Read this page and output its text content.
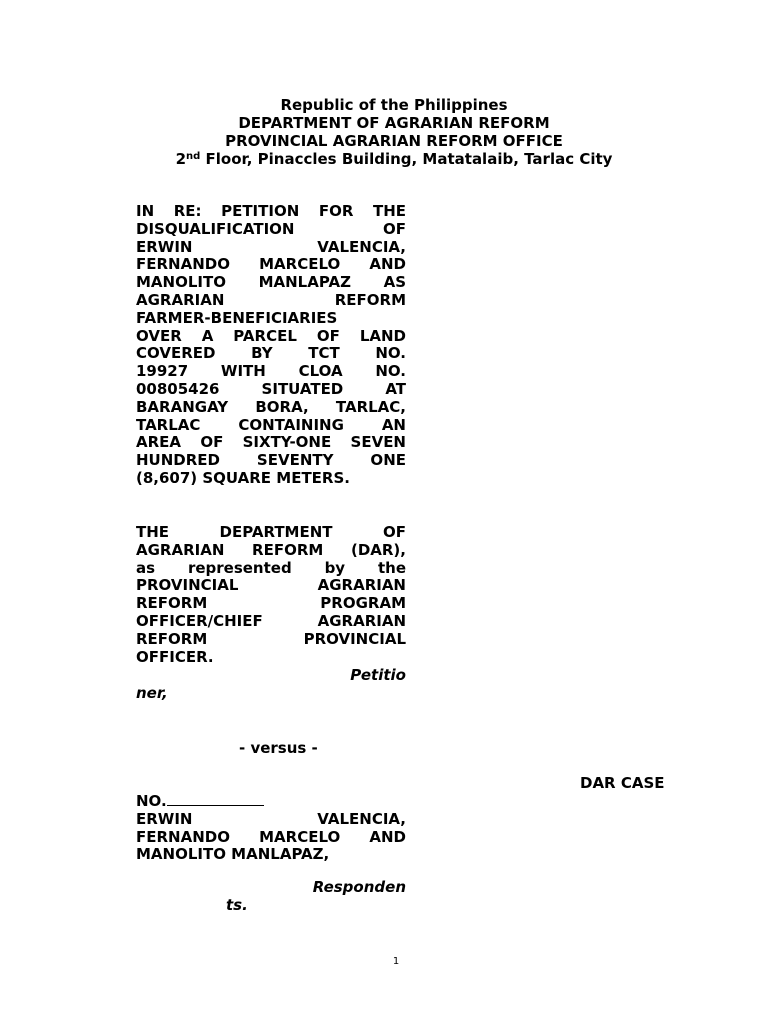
Republic of the Philippines
DEPARTMENT OF AGRARIAN REFORM
PROVINCIAL AGRARIAN REFORM OFFICE
2nd Floor, Pinaccles Building, Matatalaib, Tarlac City
IN RE: PETITION FOR THE
DISQUALIFICATION OF
ERWIN VALENCIA,
FERNANDO MARCELO AND
MANOLITO MANLAPAZ AS
AGRARIAN REFORM
FARMER-BENEFICIARIES
OVER A PARCEL OF LAND
COVERED BY TCT NO.
19927 WITH CLOA NO.
00805426 SITUATED AT
BARANGAY BORA, TARLAC,
TARLAC CONTAINING AN
AREA OF SIXTY-ONE SEVEN
HUNDRED SEVENTY ONE
(8,607) SQUARE METERS.
THE DEPARTMENT OF
AGRARIAN REFORM (DAR),
as represented by the
PROVINCIAL AGRARIAN
REFORM PROGRAM
OFFICER/CHIEF AGRARIAN
REFORM PROVINCIAL
OFFICER.
Petitio
ner,
- versus -
DAR CASE
NO.
ERWIN VALENCIA,
FERNANDO MARCELO AND
MANOLITO MANLAPAZ,
Responden
ts.
1
